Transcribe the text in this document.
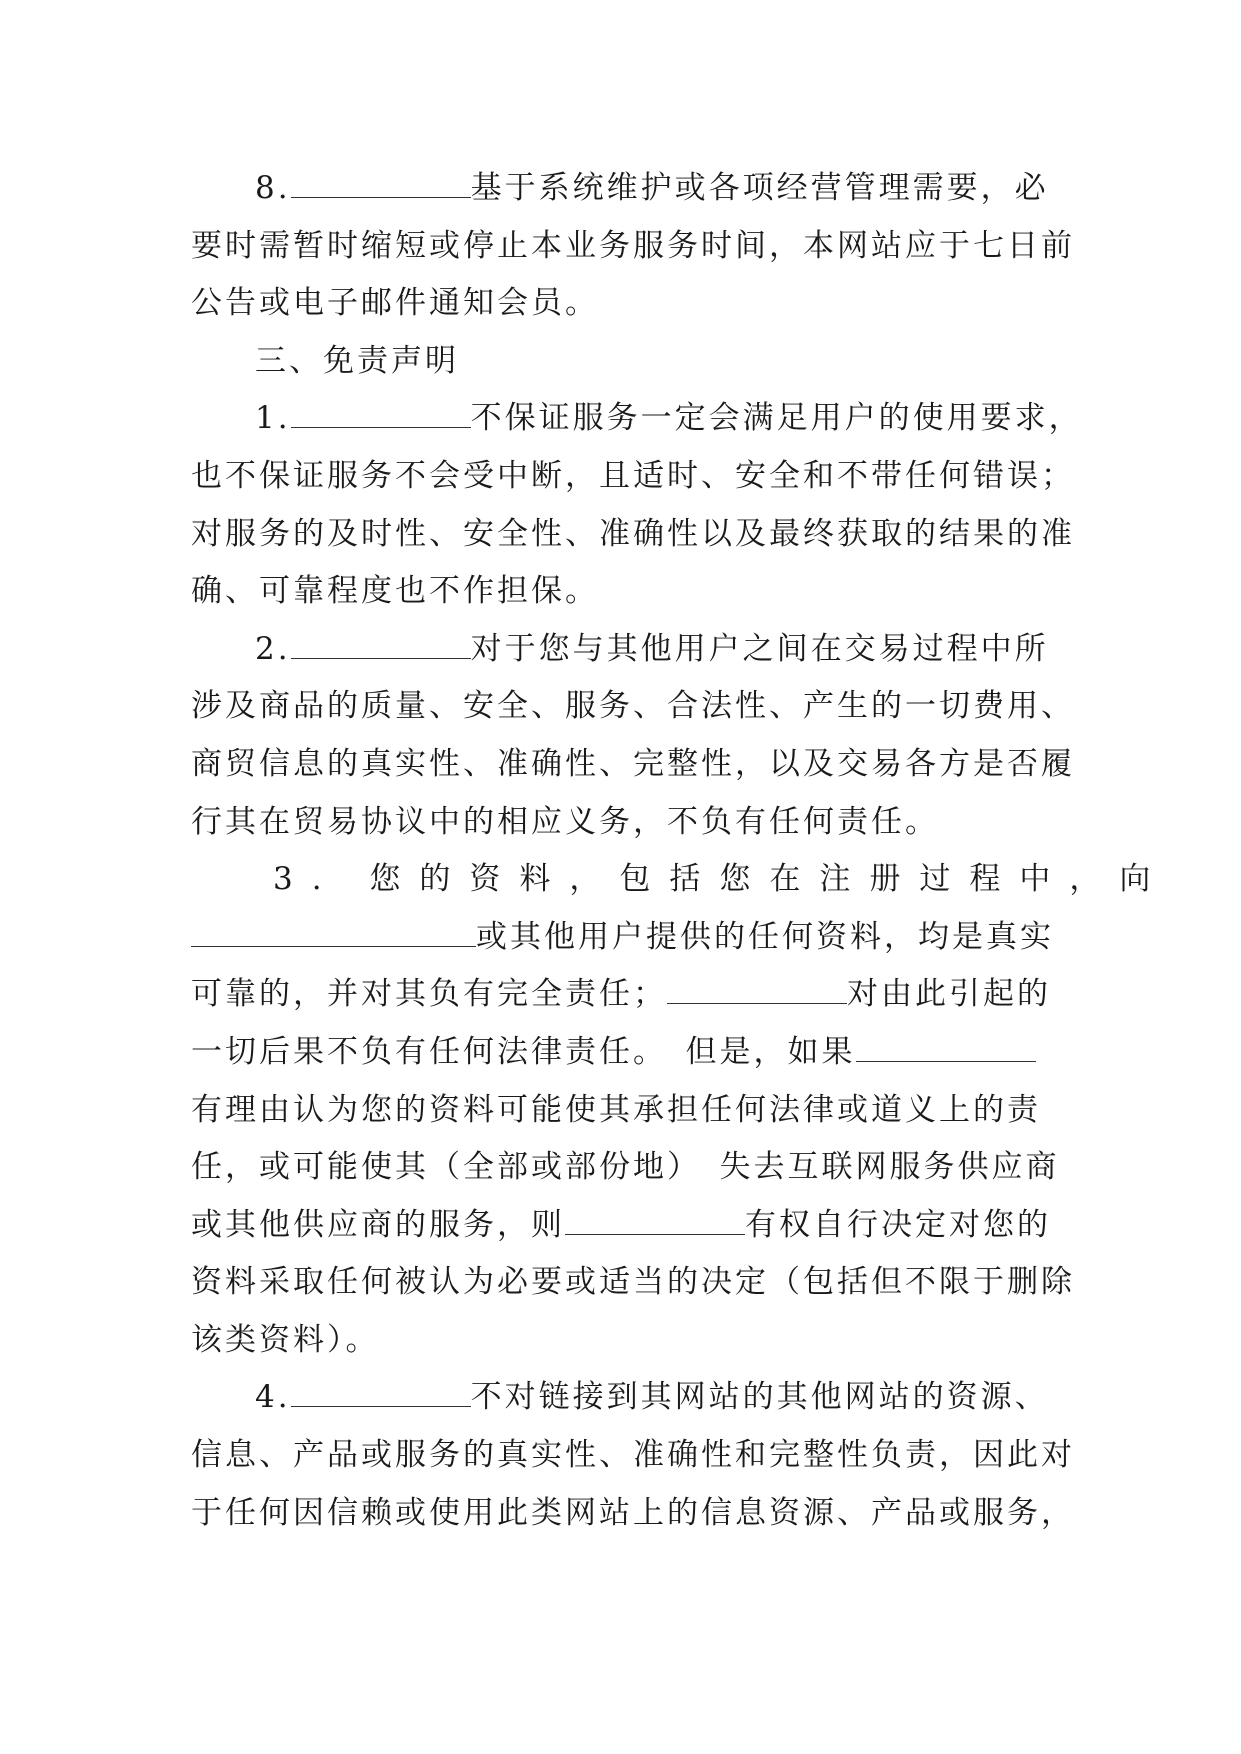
8.	基于系统维护或各项经营管理需要，必
要时需暂时缩短或停止本业务服务时间，本网站应于七日前
公告或电子邮件通知会员。
三、免责声明
1.	不保证服务一定会满足用户的使用要求，
也不保证服务不会受中断，且适时、安全和不带任何错误；
对服务的及时性、安全性、准确性以及最终获取的结果的准
确、可靠程度也不作担保。
2.	对于您与其他用户之间在交易过程中所
涉及商品的质量、安全、服务、合法性、产生的一切费用、
商贸信息的真实性、准确性、完整性，以及交易各方是否履
行其在贸易协议中的相应义务，不负有任何责任。
3. 您的资料，包括您在注册过程中，向
或其他用户提供的任何资料，均是真实
可靠的，并对其负有完全责任；	对由此引起的
一切后果不负有任何法律责任。　但是，如果
有理由认为您的资料可能使其承担任何法律或道义上的责
任，或可能使其（全部或部份地）　失去互联网服务供应商
或其他供应商的服务，则	有权自行决定对您的
资料采取任何被认为必要或适当的决定（包括但不限于删除
该类资料）。
4.	不对链接到其网站的其他网站的资源、
信息、产品或服务的真实性、准确性和完整性负责，因此对
于任何因信赖或使用此类网站上的信息资源、产品或服务，
